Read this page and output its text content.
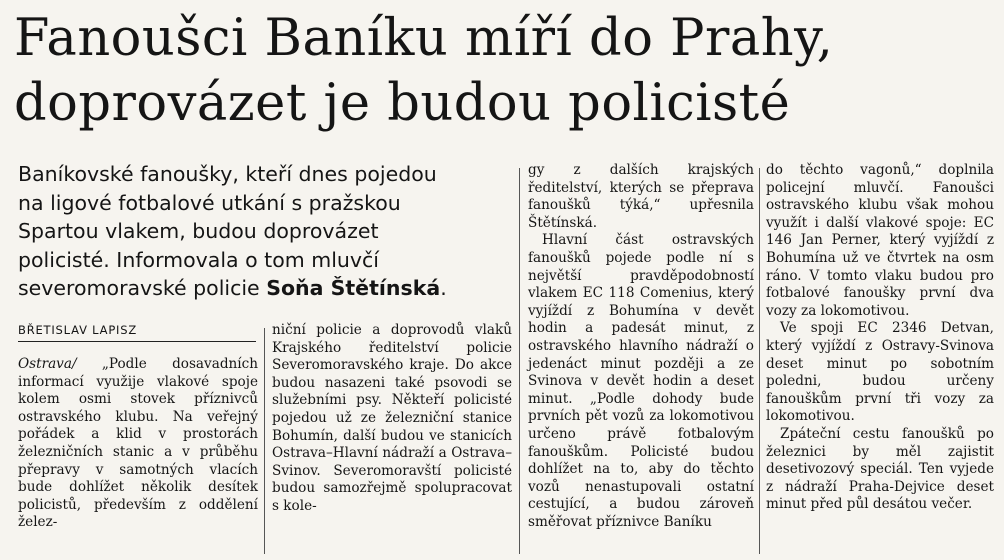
Fanoušci Baníku míří do Prahy,
doprovázet je budou policisté

Baníkovské fanoušky, kteří dnes pojedou na ligové fotbalové utkání s pražskou Spartou vlakem, budou doprovázet policisté. Informovala o tom mluvčí severomoravské policie Soňa Štětínská.

BŘETISLAV LAPISZ

Ostrava/ „Podle dosavadních informací využije vlakové spoje kolem osmi stovek příznivců ostravského klubu. Na veřejný pořádek a klid v prostorách železničních stanic a v průběhu přepravy v samotných vlacích bude dohlížet několik desítek policistů, především z oddělení želez-

niční policie a doprovodů vlaků Krajského ředitelství policie Severomoravského kraje. Do akce budou nasazeni také psovodi se služebními psy. Někteří policisté pojedou už ze železniční stanice Bohumín, další budou ve stanicích Ostrava–Hlavní nádraží a Ostrava–Svinov. Severomoravští policisté budou samozřejmě spolupracovat s kole-

gy z dalších krajských ředitelství, kterých se přeprava fanoušků týká,“ upřesnila Štětínská.

Hlavní část ostravských fanoušků pojede podle ní s největší pravděpodobností vlakem EC 118 Comenius, který vyjíždí z Bohumína v devět hodin a padesát minut, z ostravského hlavního nádraží o jedenáct minut později a ze Svinova v devět hodin a deset minut. „Podle dohody bude prvních pět vozů za lokomotivou určeno právě fotbalovým fanouškům. Policisté budou dohlížet na to, aby do těchto vozů nenastupovali ostatní cestující, a budou zároveň směřovat příznivce Baníku

do těchto vagonů,“ doplnila policejní mluvčí. Fanoušci ostravského klubu však mohou využít i další vlakové spoje: EC 146 Jan Perner, který vyjíždí z Bohumína už ve čtvrtek na osm ráno. V tomto vlaku budou pro fotbalové fanoušky první dva vozy za lokomotivou.

Ve spoji EC 2346 Detvan, který vyjíždí z Ostravy-Svinova deset minut po sobotním poledni, budou určeny fanouškům první tři vozy za lokomotivou.

Zpáteční cestu fanoušků po železnici by měl zajistit desetivozový speciál. Ten vyjede z nádraží Praha-Dejvice deset minut před půl desátou večer.
